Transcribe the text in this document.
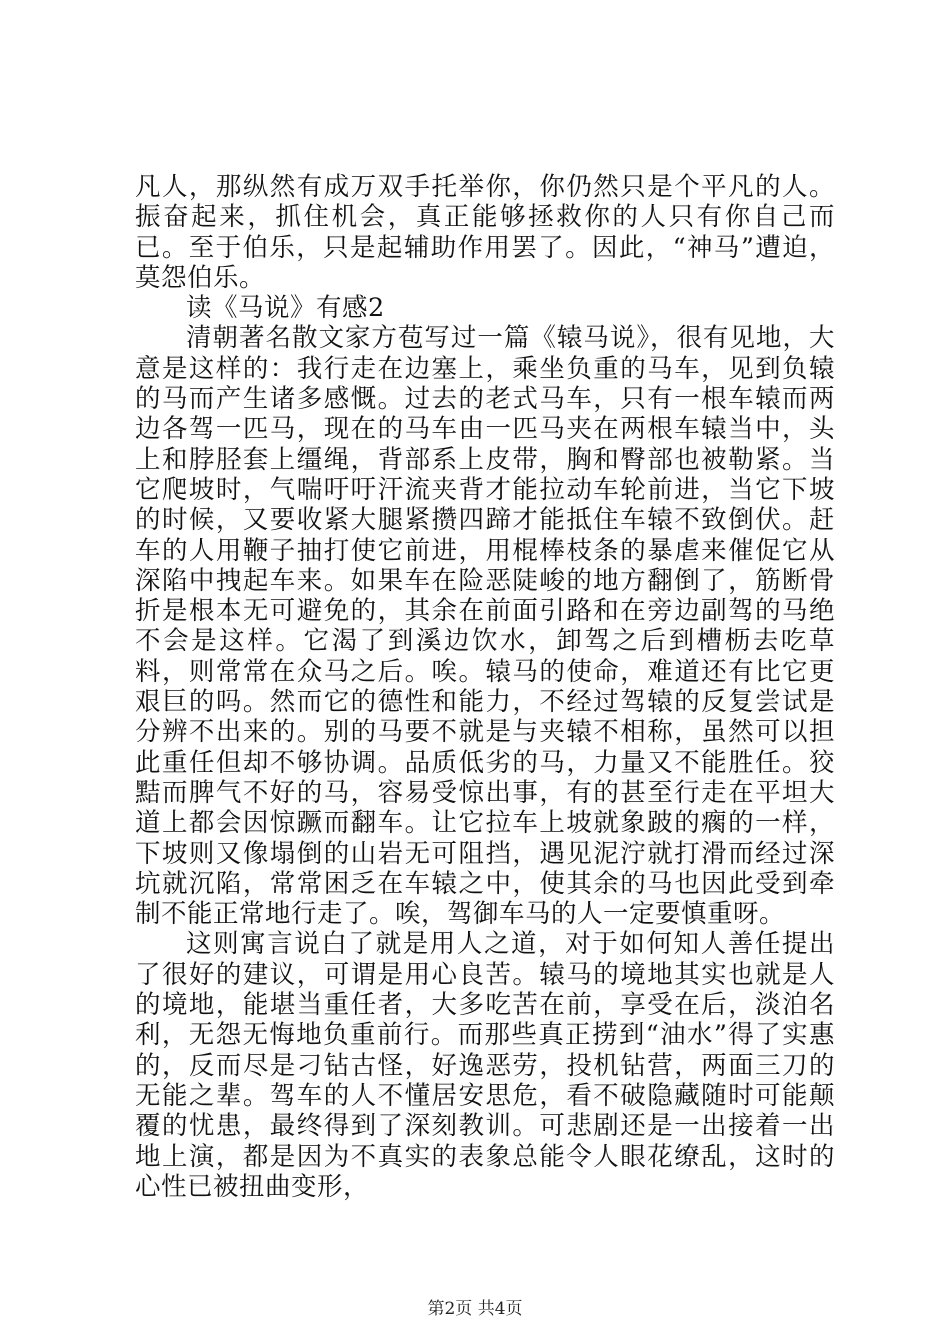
凡人，那纵然有成万双手托举你，你仍然只是个平凡的人。振奋起来，抓住机会，真正能够拯救你的人只有你自己而已。至于伯乐，只是起辅助作用罢了。因此，“神马”遭迫，莫怨伯乐。

读《马说》有感2

清朝著名散文家方苞写过一篇《辕马说》，很有见地，大意是这样的：我行走在边塞上，乘坐负重的马车，见到负辕的马而产生诸多感慨。过去的老式马车，只有一根车辕而两边各驾一匹马，现在的马车由一匹马夹在两根车辕当中，头上和脖胫套上缰绳，背部系上皮带，胸和臀部也被勒紧。当它爬坡时，气喘吁吁汗流夹背才能拉动车轮前进，当它下坡的时候，又要收紧大腿紧攒四蹄才能抵住车辕不致倒伏。赶车的人用鞭子抽打使它前进，用棍棒枝条的暴虐来催促它从深陷中拽起车来。如果车在险恶陡峻的地方翻倒了，筋断骨折是根本无可避免的，其余在前面引路和在旁边副驾的马绝不会是这样。它渴了到溪边饮水，卸驾之后到槽枥去吃草料，则常常在众马之后。唉。辕马的使命，难道还有比它更艰巨的吗。然而它的德性和能力，不经过驾辕的反复尝试是分辨不出来的。别的马要不就是与夹辕不相称，虽然可以担此重任但却不够协调。品质低劣的马，力量又不能胜任。狡黠而脾气不好的马，容易受惊出事，有的甚至行走在平坦大道上都会因惊蹶而翻车。让它拉车上坡就象跛的瘸的一样，下坡则又像塌倒的山岩无可阻挡，遇见泥泞就打滑而经过深坑就沉陷，常常困乏在车辕之中，使其余的马也因此受到牵制不能正常地行走了。唉，驾御车马的人一定要慎重呀。

这则寓言说白了就是用人之道，对于如何知人善任提出了很好的建议，可谓是用心良苦。辕马的境地其实也就是人的境地，能堪当重任者，大多吃苦在前，享受在后，淡泊名利，无怨无悔地负重前行。而那些真正捞到“油水”得了实惠的，反而尽是刁钻古怪，好逸恶劳，投机钻营，两面三刀的无能之辈。驾车的人不懂居安思危，看不破隐藏随时可能颠覆的忧患，最终得到了深刻教训。可悲剧还是一出接着一出地上演，都是因为不真实的表象总能令人眼花缭乱，这时的心性已被扭曲变形，

第2页 共4页
